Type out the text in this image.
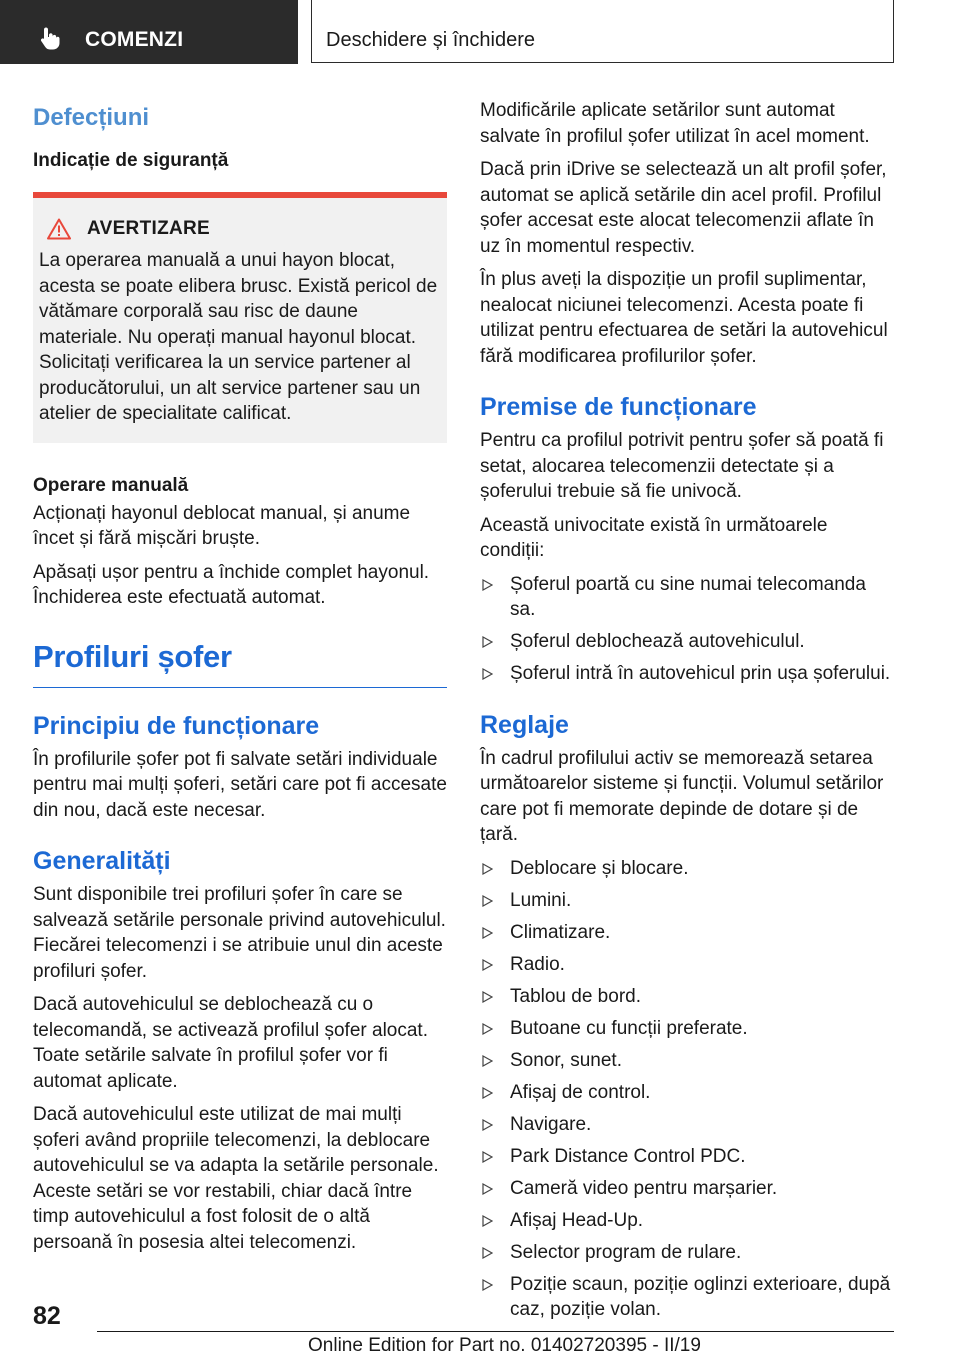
COMENZI	Deschidere și închidere
Defecțiuni
Indicație de siguranță
AVERTIZARE

La operarea manuală a unui hayon blocat, acesta se poate elibera brusc. Există pericol de vătămare corporală sau risc de daune materiale. Nu operați manual hayonul blocat. Solicitați verificarea la un service partener al producătorului, un alt service partener sau un atelier de specialitate calificat.

Operare manuală

Acționați hayonul deblocat manual, și anume încet și fără mișcări bruște.

Apăsați ușor pentru a închide complet hayonul. Închiderea este efectuată automat.

Profiluri șofer
Principiu de funcționare

În profilurile șofer pot fi salvate setări individuale pentru mai mulți șoferi, setări care pot fi accesate din nou, dacă este necesar.

Generalități

Sunt disponibile trei profiluri șofer în care se salvează setările personale privind autovehiculul. Fiecărei telecomenzi i se atribuie unul din aceste profiluri șofer.

Dacă autovehiculul se deblochează cu o telecomandă, se activează profilul șofer alocat. Toate setările salvate în profilul șofer vor fi automat aplicate.

Dacă autovehiculul este utilizat de mai mulți șoferi având propriile telecomenzi, la deblocare autovehiculul se va adapta la setările personale. Aceste setări se vor restabili, chiar dacă între timp autovehiculul a fost folosit de o altă persoană în posesia altei telecomenzi.

Modificările aplicate setărilor sunt automat salvate în profilul șofer utilizat în acel moment.

Dacă prin iDrive se selectează un alt profil șofer, automat se aplică setările din acel profil. Profilul șofer accesat este alocat telecomenzii aflate în uz în momentul respectiv.

În plus aveți la dispoziție un profil suplimentar, nealocat niciunei telecomenzi. Acesta poate fi utilizat pentru efectuarea de setări la autovehicul fără modificarea profilurilor șofer.

Premise de funcționare

Pentru ca profilul potrivit pentru șofer să poată fi setat, alocarea telecomenzii detectate și a șoferului trebuie să fie univocă.

Această univocitate există în următoarele condiții:

Șoferul poartă cu sine numai telecomanda sa.
Șoferul deblochează autovehiculul.
Șoferul intră în autovehicul prin ușa șoferului.
Reglaje

În cadrul profilului activ se memorează setarea următoarelor sisteme și funcții. Volumul setărilor care pot fi memorate depinde de dotare și de țară.

Deblocare și blocare.
Lumini.
Climatizare.
Radio.
Tablou de bord.
Butoane cu funcții preferate.
Sonor, sunet.
Afișaj de control.
Navigare.
Park Distance Control PDC.
Cameră video pentru marșarier.
Afișaj Head-Up.
Selector program de rulare.
Poziție scaun, poziție oglinzi exterioare, după caz, poziție volan.
82
Online Edition for Part no. 01402720395 - II/19
